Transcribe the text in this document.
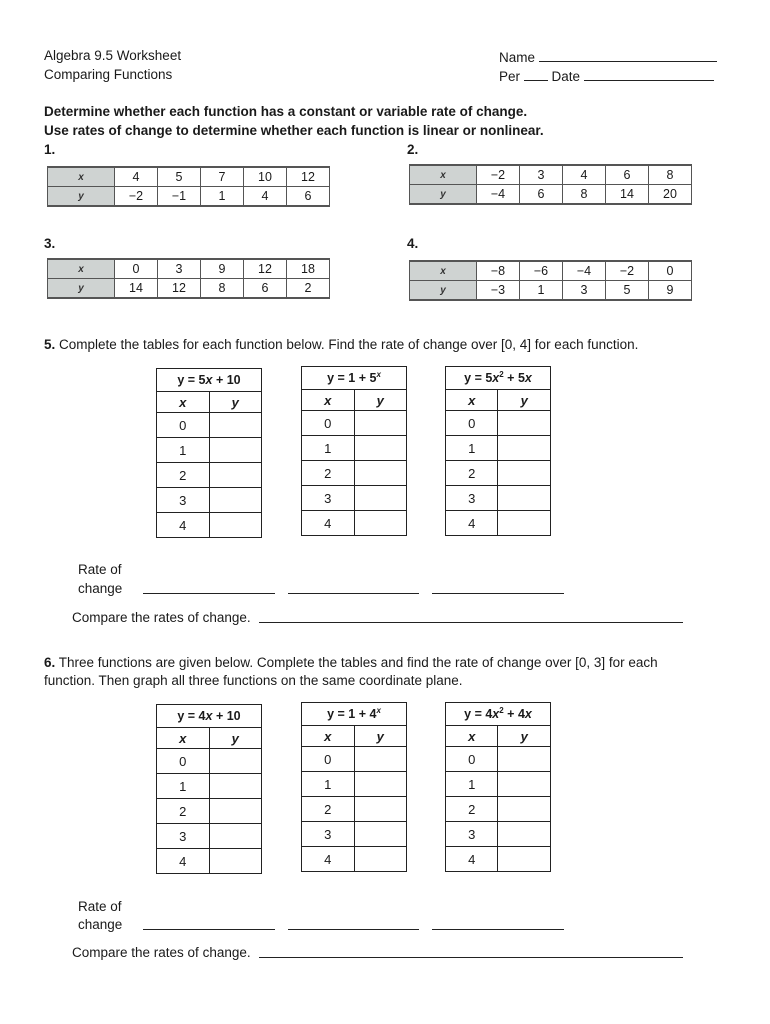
Algebra 9.5 Worksheet
Comparing Functions
Name
Per Date
Determine whether each function has a constant or variable rate of change.
Use rates of change to determine whether each function is linear or nonlinear.
1.
x	4	5	7	10	12
y	−2	−1	1	4	6
2.
x	−2	3	4	6	8
y	−4	6	8	14	20
3.
x	0	3	9	12	18
y	14	12	8	6	2
4.
x	−8	−6	−4	−2	0
y	−3	1	3	5	9
5. Complete the tables for each function below. Find the rate of change over [0, 4] for each function.
y = 5x + 10	
x	y
0	
1	
2	
3	
4	
$y = 1 + 5^x$
x	y
0	
1	
2	
3	
4	
$y = 5x^2 + 5x$	
x	y
0	
1	
2	
3	
4	
Rate of
change
Compare the rates of change.
6. Three functions are given below. Complete the tables and find the rate of change over [0, 3] for each
function. Then graph all three functions on the same coordinate plane.
y = 4x + 10	
x	y
0	
1	
2	
3	
4	
$y = 1 + 4^x$
x	y
0	
1	
2	
3	
4	
$y = 4x^2 + 4x$	
x	y
0	
1	
2	
3	
4	
Rate of
change
Compare the rates of change.
